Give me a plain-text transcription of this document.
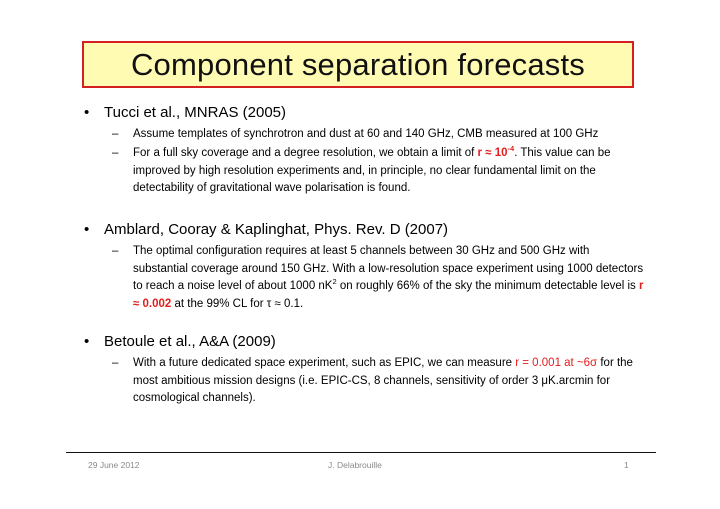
Component separation forecasts
• Tucci et al., MNRAS (2005)
– Assume templates of synchrotron and dust at 60 and 140 GHz, CMB measured at 100 GHz
– For a full sky coverage and a degree resolution, we obtain a limit of $r \approx 10^{-4}$. This value can be improved by high resolution experiments and, in principle, no clear fundamental limit on the detectability of gravitational wave polarisation is found.
• Amblard, Cooray & Kaplinghat, Phys. Rev. D (2007)
– The optimal configuration requires at least 5 channels between 30 GHz and 500 GHz with substantial coverage around 150 GHz. With a low-resolution space experiment using 1000 detectors to reach a noise level of about 1000 $nK^2$ on roughly 66% of the sky the minimum detectable level is r ≈ 0.002 at the 99% CL for τ ≈ 0.1.
• Betoule et al., A&A (2009)
– With a future dedicated space experiment, such as EPIC, we can measure r = 0.001 at ~6σ for the most ambitious mission designs (i.e. EPIC-CS, 8 channels, sensitivity of order 3 μK.arcmin for cosmological channels).
29 June 2012	J. Delabrouille	1
